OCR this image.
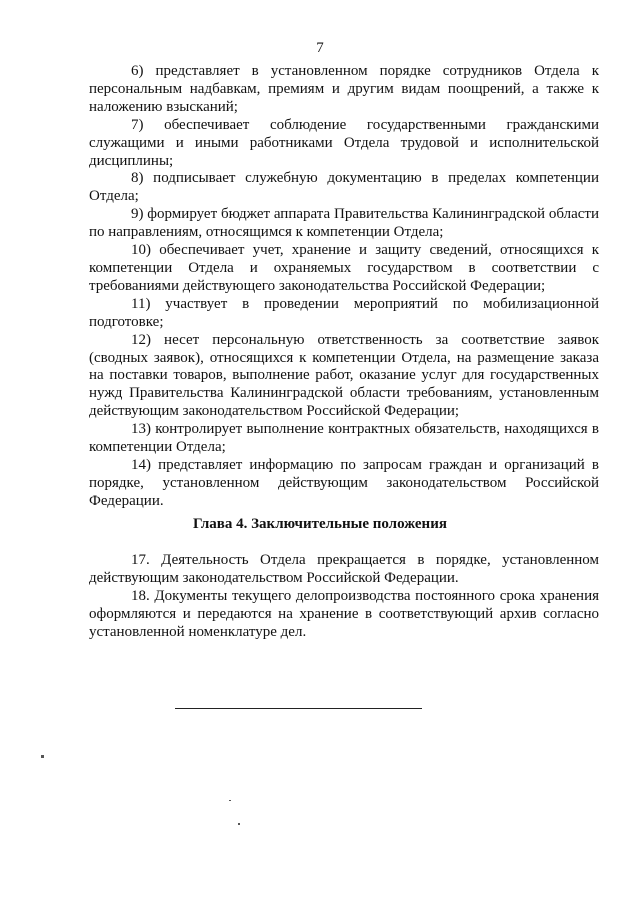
7

6) представляет в установленном порядке сотрудников Отдела к персональным надбавкам, премиям и другим видам поощрений, а также к наложению взысканий;

7) обеспечивает соблюдение государственными гражданскими служащими и иными работниками Отдела трудовой и исполнительской дисциплины;

8) подписывает служебную документацию в пределах компетенции Отдела;

9) формирует бюджет аппарата Правительства Калининградской области по направлениям, относящимся к компетенции Отдела;

10) обеспечивает учет, хранение и защиту сведений, относящихся к компетенции Отдела и охраняемых государством в соответствии с требованиями действующего законодательства Российской Федерации;

11) участвует в проведении мероприятий по мобилизационной подготовке;

12) несет персональную ответственность за соответствие заявок (сводных заявок), относящихся к компетенции Отдела, на размещение заказа на поставки товаров, выполнение работ, оказание услуг для государственных нужд Правительства Калининградской области требованиям, установленным действующим законодательством Российской Федерации;

13) контролирует выполнение контрактных обязательств, находящихся в компетенции Отдела;

14) представляет информацию по запросам граждан и организаций в порядке, установленном действующим законодательством Российской Федерации.

Глава 4. Заключительные положения

17. Деятельность Отдела прекращается в порядке, установленном действующим законодательством Российской Федерации.

18. Документы текущего делопроизводства постоянного срока хранения оформляются и передаются на хранение в соответствующий архив согласно установленной номенклатуре дел.
